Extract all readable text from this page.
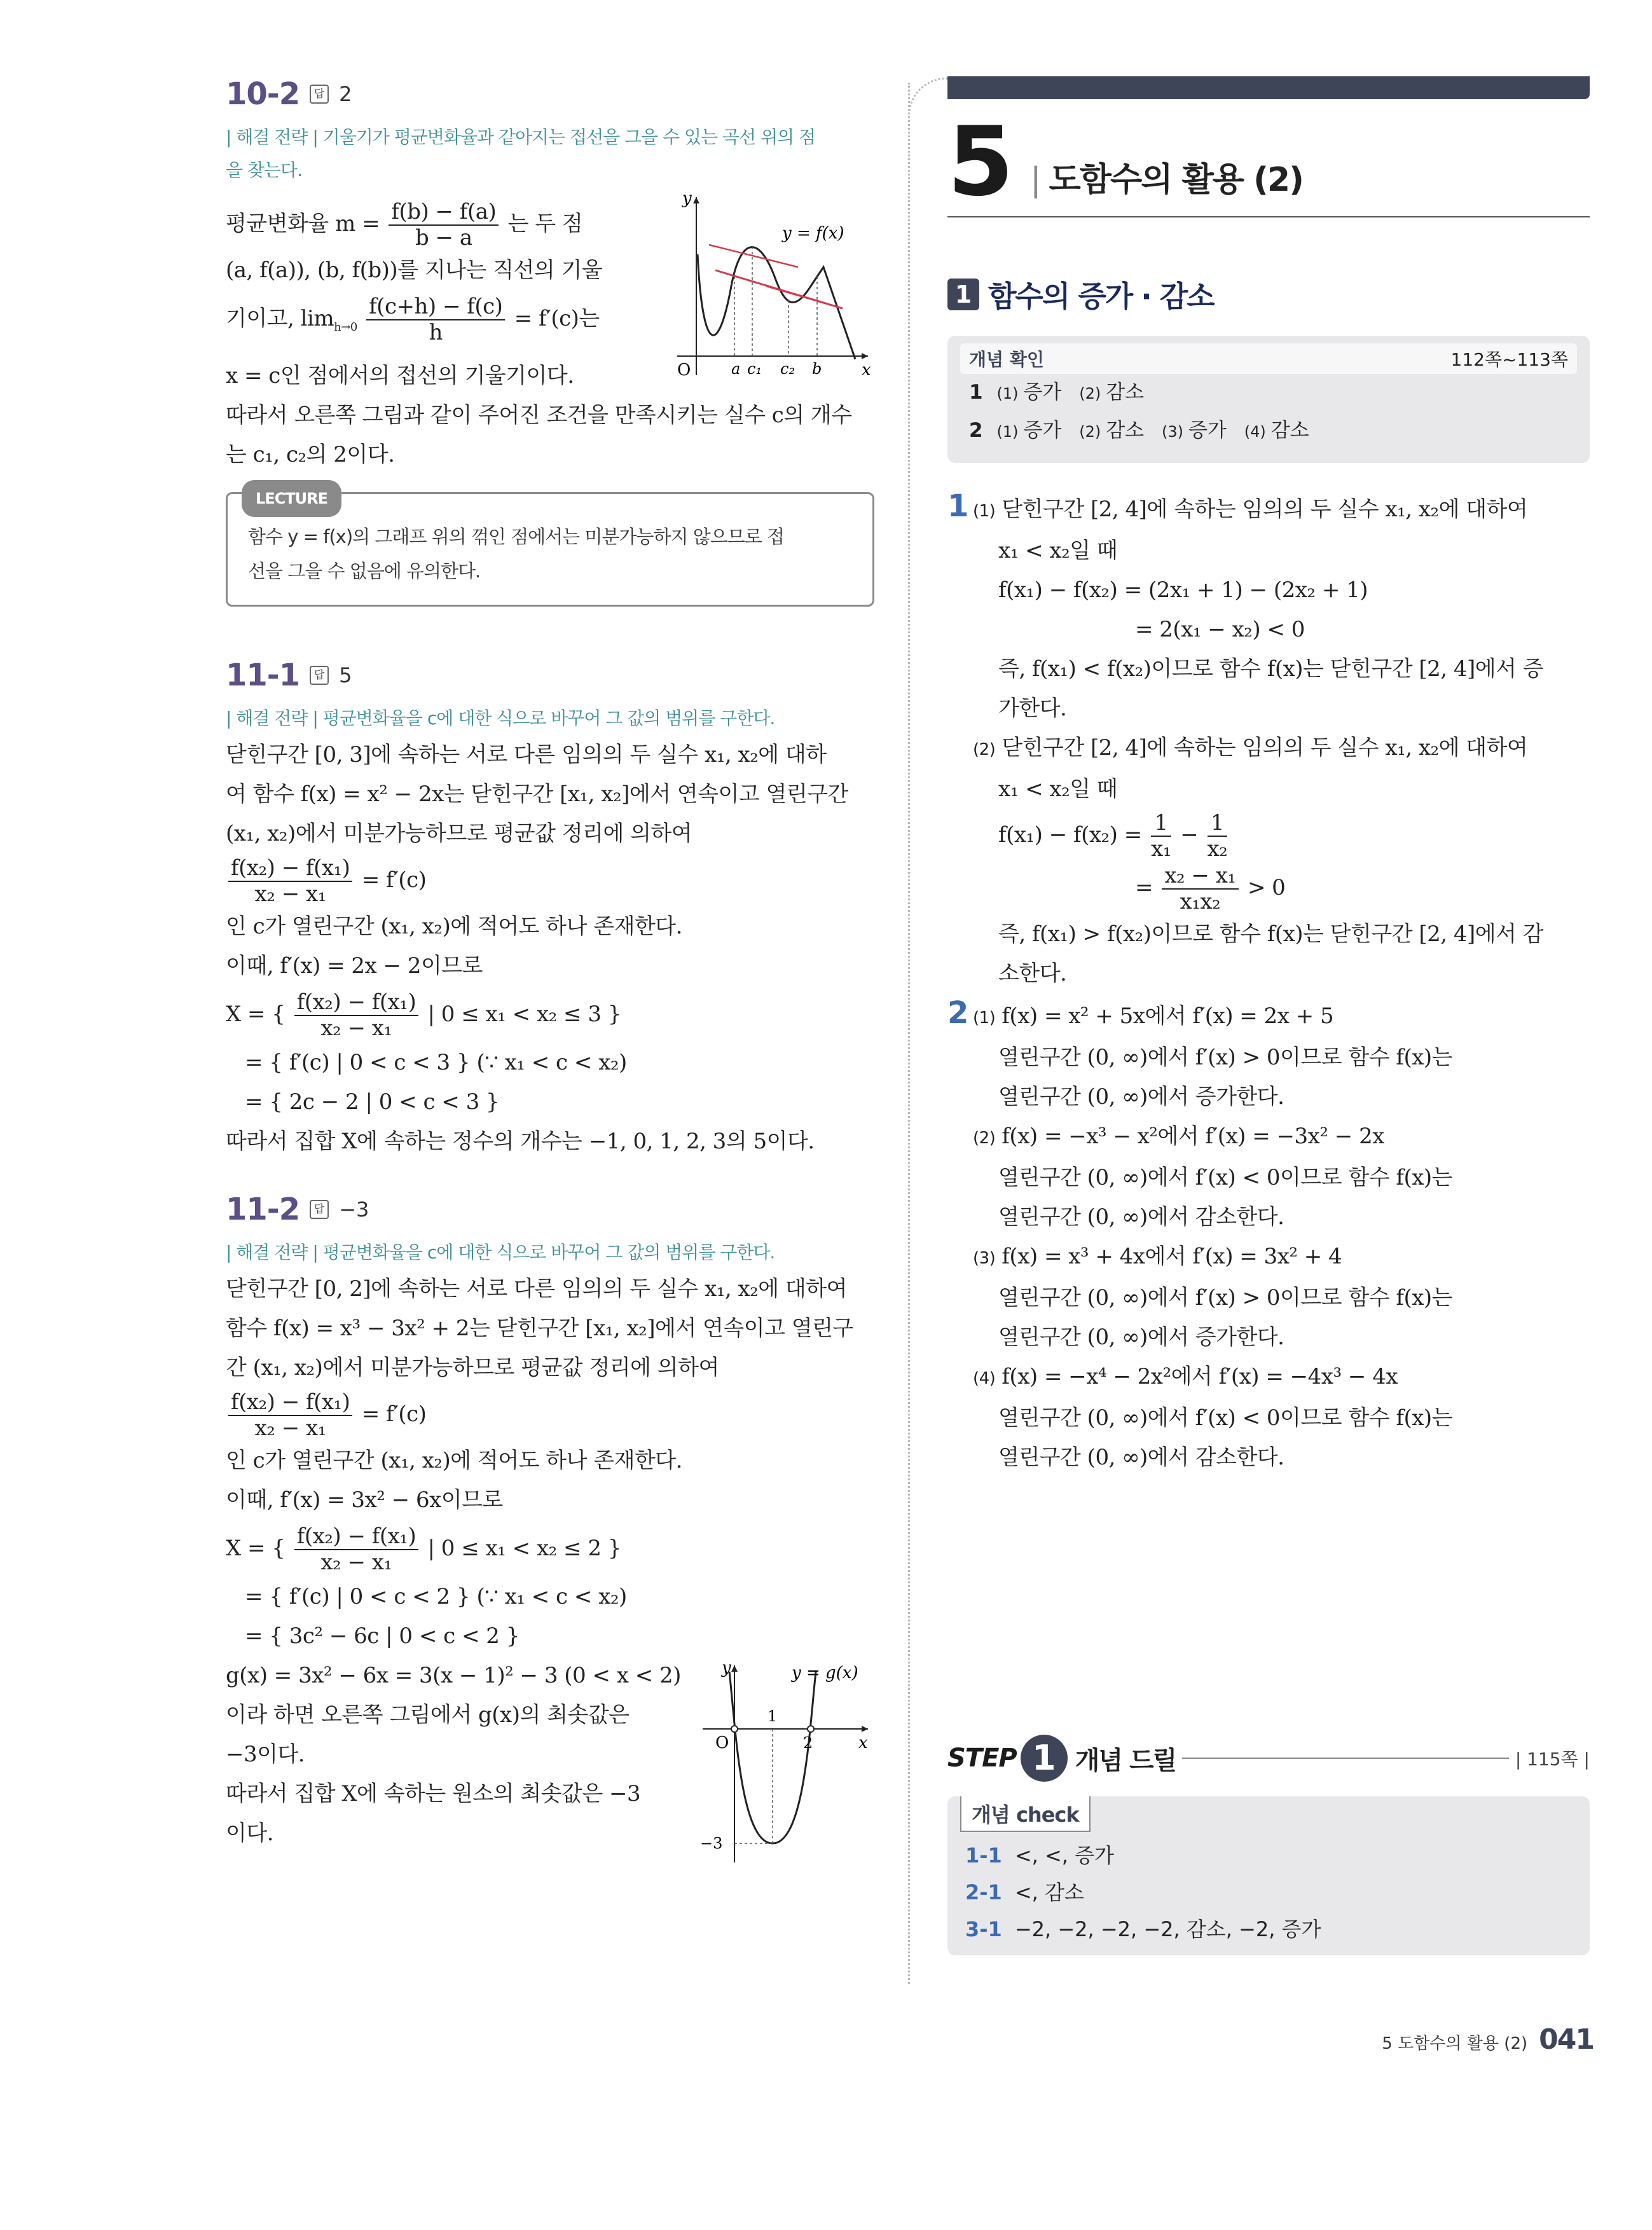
10-2	답 2
| 해결 전략 | 기울기가 평균변화율과 같아지는 접선을 그을 수 있는 곡선 위의 점
을 찾는다.
평균변화율 $m = \frac{f(b) - f(a)}{b - a}$ 는 두 점
(a, f(a)), (b, f(b))를 지나는 직선의 기울
기이고, $\lim_{h\to 0} \frac{f(c+h) - f(c)}{h} = f'(c)$는
x = c인 점에서의 접선의 기울기이다.
따라서 오른쪽 그림과 같이 주어진 조건을 만족시키는 실수 c의 개수
는 c₁, c₂의 2이다.
y
x
O
y = f(x)
a c₁ c₂ b
LECTURE
함수 y = f(x)의 그래프 위의 꺾인 점에서는 미분가능하지 않으므로 접
선을 그을 수 없음에 유의한다.
11-1	답 5
| 해결 전략 | 평균변화율을 c에 대한 식으로 바꾸어 그 값의 범위를 구한다.
닫힌구간 [0, 3]에 속하는 서로 다른 임의의 두 실수 x₁, x₂에 대하
여 함수 f(x) = x² − 2x는 닫힌구간 [x₁, x₂]에서 연속이고 열린구간
(x₁, x₂)에서 미분가능하므로 평균값 정리에 의하여
$\frac{\text{f(x₂) − f(x₁)}}{\text{x₂ − x₁}} = f'(c)$
인 c가 열린구간 (x₁, x₂)에 적어도 하나 존재한다.
이때, f′(x) = 2x − 2이므로
X = { $\frac{\text{f(x₂) − f(x₁)}}{\text{x₂ − x₁}}$ | 0 ≤ x₁ < x₂ ≤ 3 }
= { f′(c) | 0 < c < 3 } (∵ x₁ < c < x₂)
= { 2c − 2 | 0 < c < 3 }
따라서 집합 X에 속하는 정수의 개수는 −1, 0, 1, 2, 3의 5이다.
11-2	답 −3
| 해결 전략 | 평균변화율을 c에 대한 식으로 바꾸어 그 값의 범위를 구한다.
닫힌구간 [0, 2]에 속하는 서로 다른 임의의 두 실수 x₁, x₂에 대하여
함수 f(x) = x³ − 3x² + 2는 닫힌구간 [x₁, x₂]에서 연속이고 열린구
간 (x₁, x₂)에서 미분가능하므로 평균값 정리에 의하여
$\frac{\text{f(x₂) − f(x₁)}}{\text{x₂ − x₁}} = f'(c)$
인 c가 열린구간 (x₁, x₂)에 적어도 하나 존재한다.
이때, f′(x) = 3x² − 6x이므로
X = { $\frac{\text{f(x₂) − f(x₁)}}{\text{x₂ − x₁}}$ | 0 ≤ x₁ < x₂ ≤ 2 }
= { f′(c) | 0 < c < 2 } (∵ x₁ < c < x₂)
= { 3c² − 6c | 0 < c < 2 }
g(x) = 3x² − 6x = 3(x − 1)² − 3 (0 < x < 2)
이라 하면 오른쪽 그림에서 g(x)의 최솟값은
−3이다.
따라서 집합 X에 속하는 원소의 최솟값은 −3
이다.
y
x
O
1
2
−3
y = g(x)
5 | 도함수의 활용 (2)
1 함수의 증가 · 감소
개념 확인	112쪽~113쪽
1 (1) 증가 (2) 감소
2 (1) 증가 (2) 감소 (3) 증가 (4) 감소
1 (1) 닫힌구간 [2, 4]에 속하는 임의의 두 실수 x₁, x₂에 대하여
x₁ < x₂일 때
f(x₁) − f(x₂) = (2x₁ + 1) − (2x₂ + 1)
= 2(x₁ − x₂) < 0
즉, f(x₁) < f(x₂)이므로 함수 f(x)는 닫힌구간 [2, 4]에서 증
가한다.
(2) 닫힌구간 [2, 4]에 속하는 임의의 두 실수 x₁, x₂에 대하여
x₁ < x₂일 때
$f(x_1) - f(x_2) = \frac{1}{\text{x₁}} - \frac{1}{\text{x₂}}$
= $\frac{\text{x₂ − x₁}}{\text{x₁x₂}} > 0$
즉, f(x₁) > f(x₂)이므로 함수 f(x)는 닫힌구간 [2, 4]에서 감
소한다.
2 (1) f(x) = x² + 5x에서 f′(x) = 2x + 5
열린구간 (0, ∞)에서 f′(x) > 0이므로 함수 f(x)는
열린구간 (0, ∞)에서 증가한다.
(2) f(x) = −x³ − x²에서 f′(x) = −3x² − 2x
열린구간 (0, ∞)에서 f′(x) < 0이므로 함수 f(x)는
열린구간 (0, ∞)에서 감소한다.
(3) f(x) = x³ + 4x에서 f′(x) = 3x² + 4
열린구간 (0, ∞)에서 f′(x) > 0이므로 함수 f(x)는
열린구간 (0, ∞)에서 증가한다.
(4) f(x) = −x⁴ − 2x²에서 f′(x) = −4x³ − 4x
열린구간 (0, ∞)에서 f′(x) < 0이므로 함수 f(x)는
열린구간 (0, ∞)에서 감소한다.
STEP 1 개념 드릴	| 115쪽 |
개념 check
1-1 <, <, 증가
2-1 <, 감소
3-1 −2, −2, −2, −2, 감소, −2, 증가
5 도함수의 활용 (2) 041
